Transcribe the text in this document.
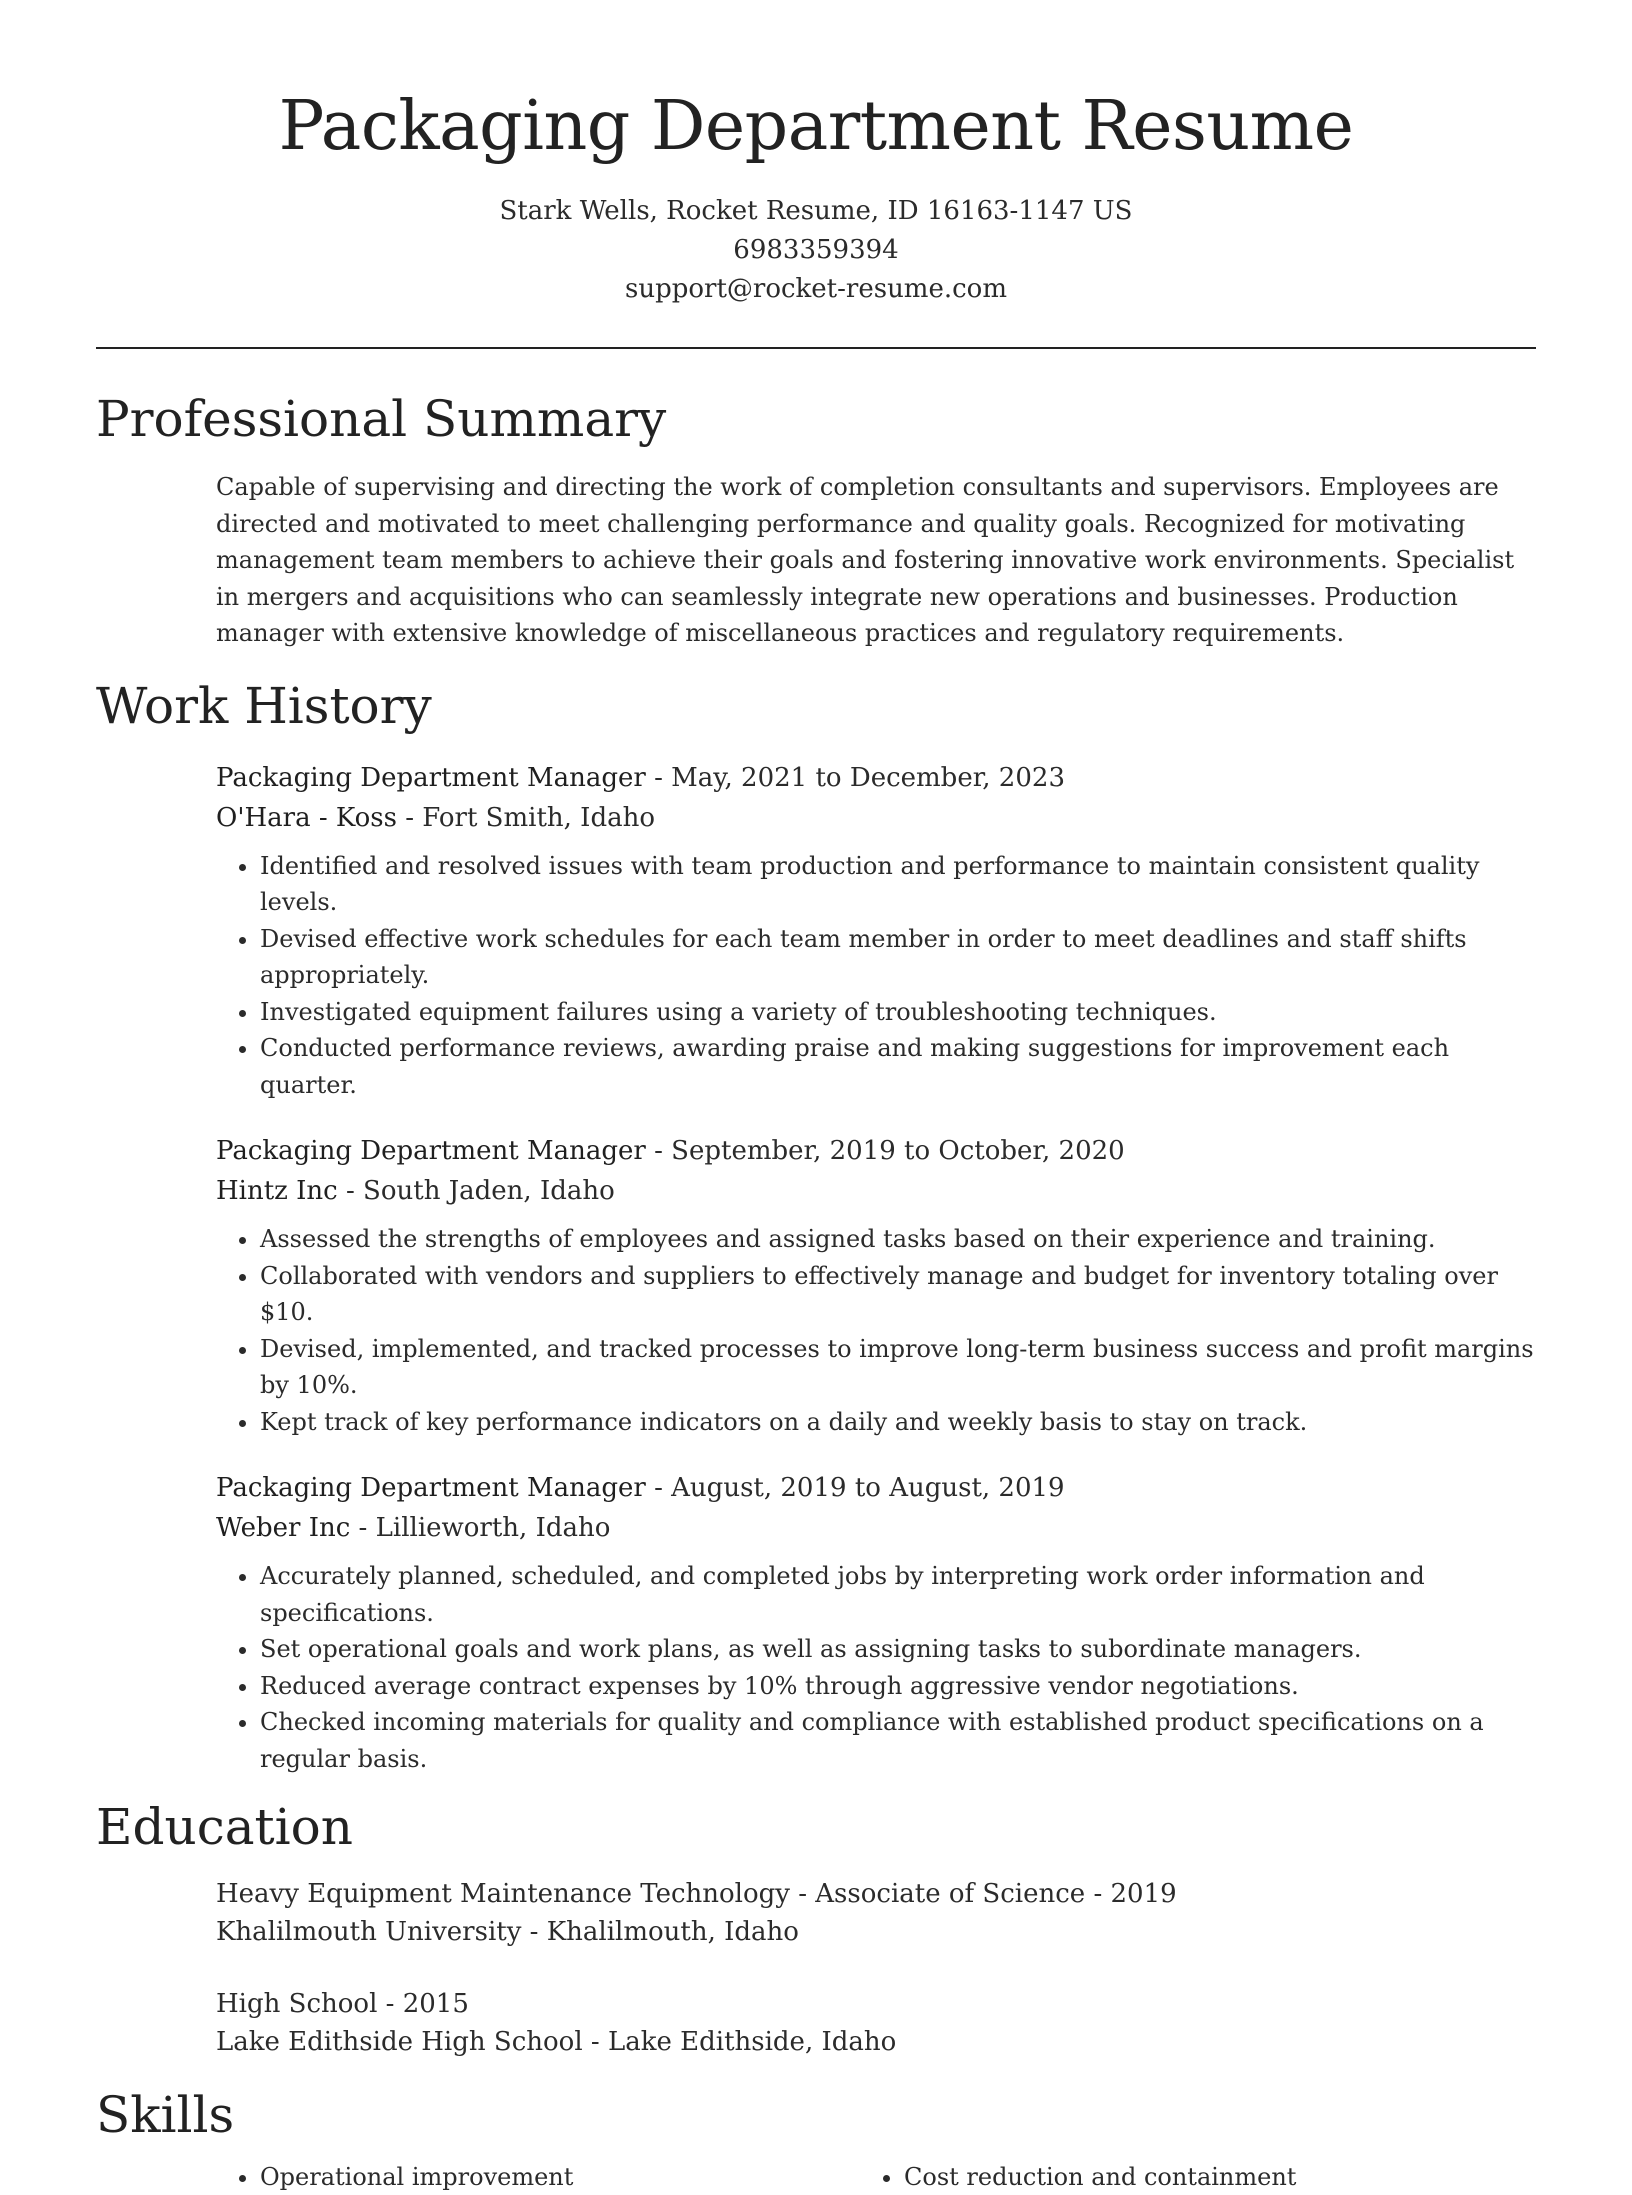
Packaging Department Resume
Stark Wells, Rocket Resume, ID 16163-1147 US
6983359394
support@rocket-resume.com
Professional Summary

Capable of supervising and directing the work of completion consultants and supervisors. Employees are directed and motivated to meet challenging performance and quality goals. Recognized for motivating management team members to achieve their goals and fostering innovative work environments. Specialist in mergers and acquisitions who can seamlessly integrate new operations and businesses. Production manager with extensive knowledge of miscellaneous practices and regulatory requirements.

Work History
Packaging Department Manager - May, 2021 to December, 2023
O'Hara - Koss - Fort Smith, Idaho
• Identified and resolved issues with team production and performance to maintain consistent quality levels.
• Devised effective work schedules for each team member in order to meet deadlines and staff shifts appropriately.
• Investigated equipment failures using a variety of troubleshooting techniques.
• Conducted performance reviews, awarding praise and making suggestions for improvement each quarter.
Packaging Department Manager - September, 2019 to October, 2020
Hintz Inc - South Jaden, Idaho
• Assessed the strengths of employees and assigned tasks based on their experience and training.
• Collaborated with vendors and suppliers to effectively manage and budget for inventory totaling over $10.
• Devised, implemented, and tracked processes to improve long-term business success and profit margins by 10%.
• Kept track of key performance indicators on a daily and weekly basis to stay on track.
Packaging Department Manager - August, 2019 to August, 2019
Weber Inc - Lillieworth, Idaho
• Accurately planned, scheduled, and completed jobs by interpreting work order information and specifications.
• Set operational goals and work plans, as well as assigning tasks to subordinate managers.
• Reduced average contract expenses by 10% through aggressive vendor negotiations.
• Checked incoming materials for quality and compliance with established product specifications on a regular basis.
Education
Heavy Equipment Maintenance Technology - Associate of Science - 2019
Khalilmouth University - Khalilmouth, Idaho
High School - 2015
Lake Edithside High School - Lake Edithside, Idaho
Skills
• Operational improvement
•	Cost reduction and containment
